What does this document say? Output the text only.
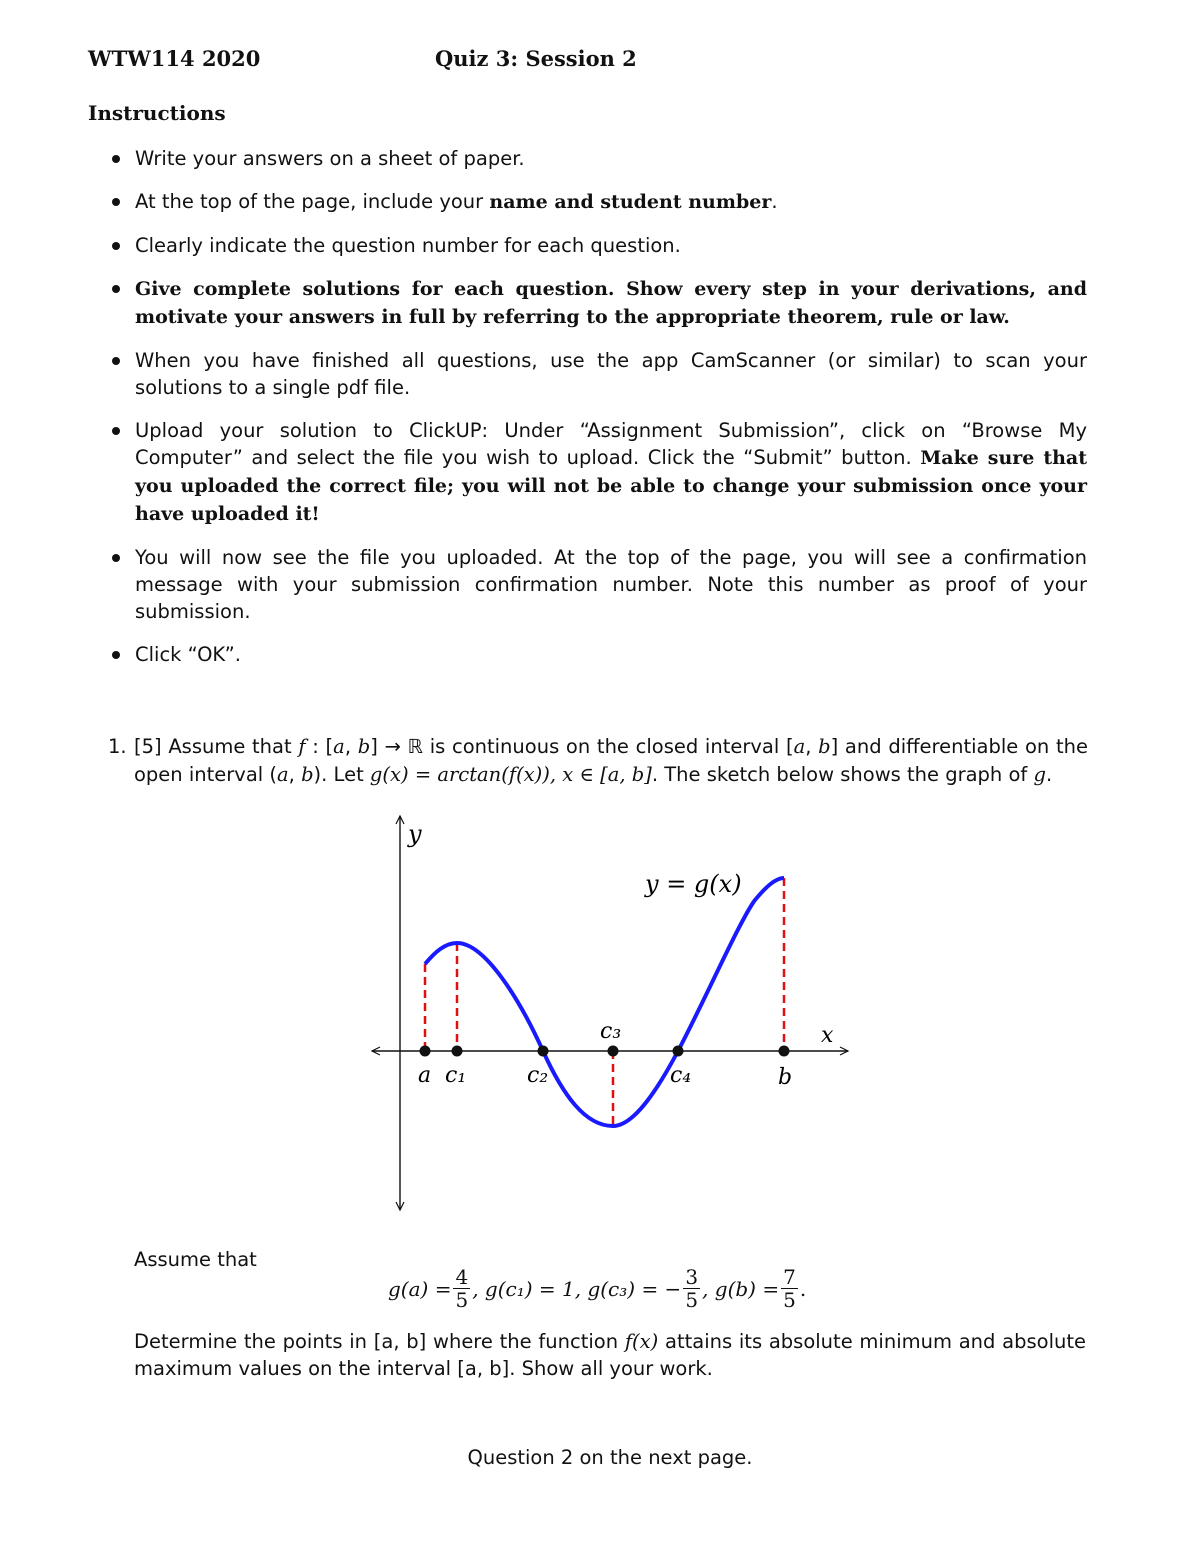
WTW114 2020	Quiz 3: Session 2
Instructions
Write your answers on a sheet of paper.
At the top of the page, include your name and student number.
Clearly indicate the question number for each question.
Give complete solutions for each question. Show every step in your derivations, and motivate your answers in full by referring to the appropriate theorem, rule or law.
When you have finished all questions, use the app CamScanner (or similar) to scan your solutions to a single pdf file.
Upload your solution to ClickUP: Under “Assignment Submission”, click on “Browse My Computer” and select the file you wish to upload. Click the “Submit” button. Make sure that you uploaded the correct file; you will not be able to change your submission once your have uploaded it!
You will now see the file you uploaded. At the top of the page, you will see a confirmation message with your submission confirmation number. Note this number as proof of your submission.
Click “OK”.
1. [5] Assume that f : [a, b] → ℝ is continuous on the closed interval [a, b] and differentiable on the open interval (a, b). Let g(x) = arctan(f(x)), x ∈ [a, b]. The sketch below shows the graph of g.
y
x
y = g(x)
a c₁	c₂
c₃
c₄	b
Assume that
$g(a) = \frac{4}{5}$ , g(c₁) = 1,
g(c₃) = − $\frac{3}{5}$ , $g(b) = \frac{7}{5}$ .
Determine the points in [a, b] where the function f(x) attains its absolute minimum and absolute maximum values on the interval [a, b]. Show all your work.
Question 2 on the next page.
